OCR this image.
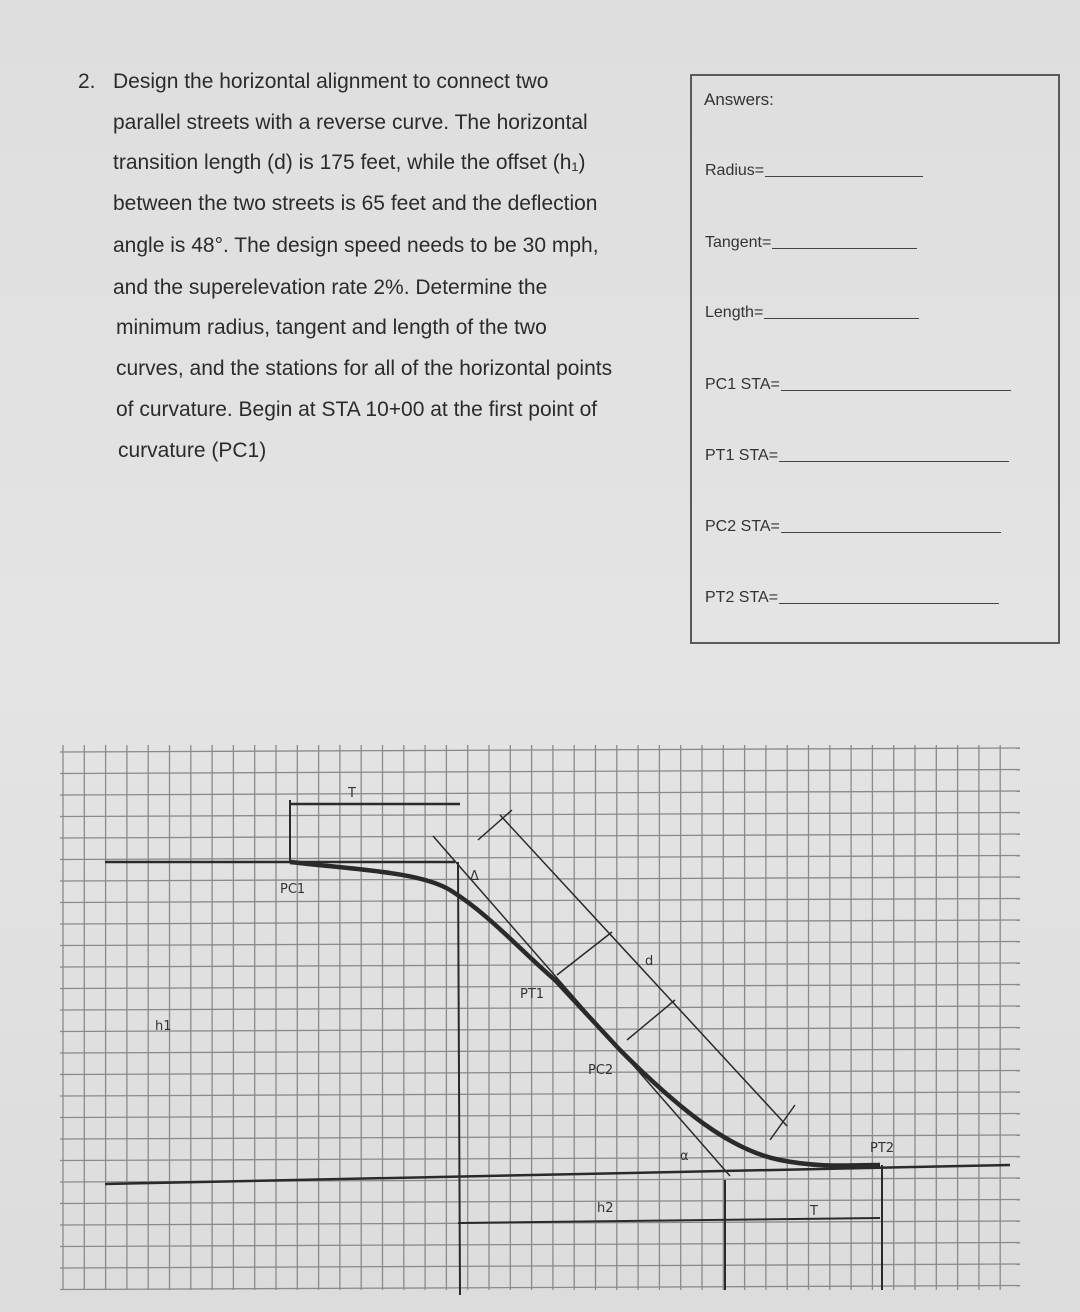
2. Design the horizontal alignment to connect two
parallel streets with a reverse curve. The horizontal
transition length (d) is 175 feet, while the offset (h₁)
between the two streets is 65 feet and the deflection
angle is 48°. The design speed needs to be 30 mph,
and the superelevation rate 2%. Determine the
minimum radius, tangent and length of the two
curves, and the stations for all of the horizontal points
of curvature. Begin at STA 10+00 at the first point of
curvature (PC1)
Answers:
Radius=
Tangent=
Length=
PC1 STA=
PT1 STA=
PC2 STA=
PT2 STA=
PC1
PT1
PC2
PT2
T
T
h1
h2
Δ
d
α
